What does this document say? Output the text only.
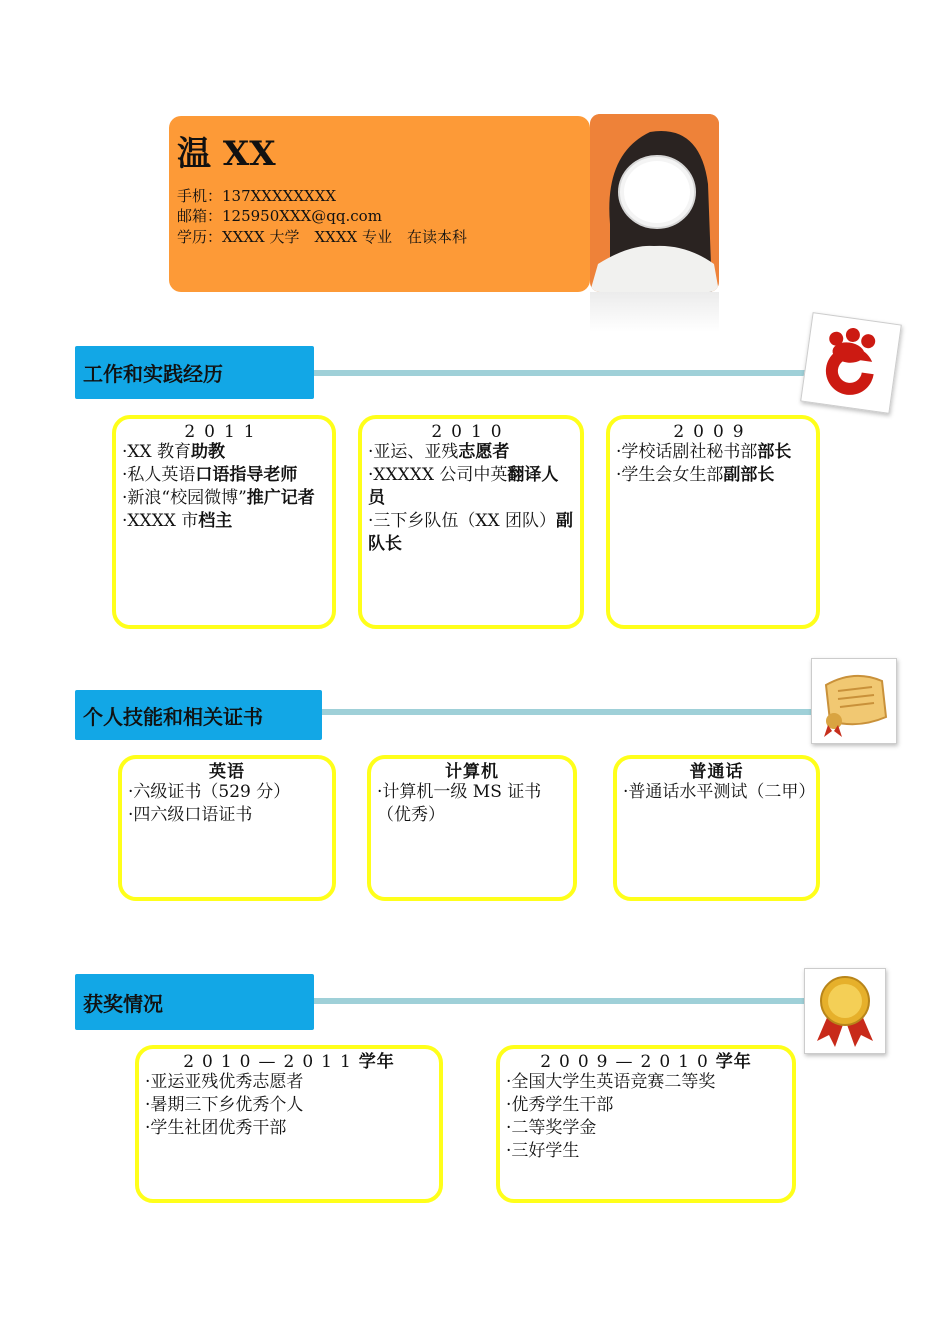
温 XX
手机：137XXXXXXXX
邮箱：125950XXX@qq.com
学历：XXXX 大学　XXXX 专业　在读本科
工作和实践经历
2011
·XX 教育助教
·私人英语口语指导老师
·新浪“校园微博”推广记者
·XXXX 市档主
2010
·亚运、亚残志愿者
·XXXXX 公司中英翻译人员
·三下乡队伍（XX 团队）副队长
2009
·学校话剧社秘书部部长
·学生会女生部副部长
个人技能和相关证书
英语
·六级证书（529 分）
·四六级口语证书
计算机
·计算机一级 MS 证书（优秀）
普通话
·普通话水平测试（二甲）
获奖情况
2010—2011学年
·亚运亚残优秀志愿者
·暑期三下乡优秀个人
·学生社团优秀干部
2009—2010学年
·全国大学生英语竞赛二等奖
·优秀学生干部
·二等奖学金
·三好学生
